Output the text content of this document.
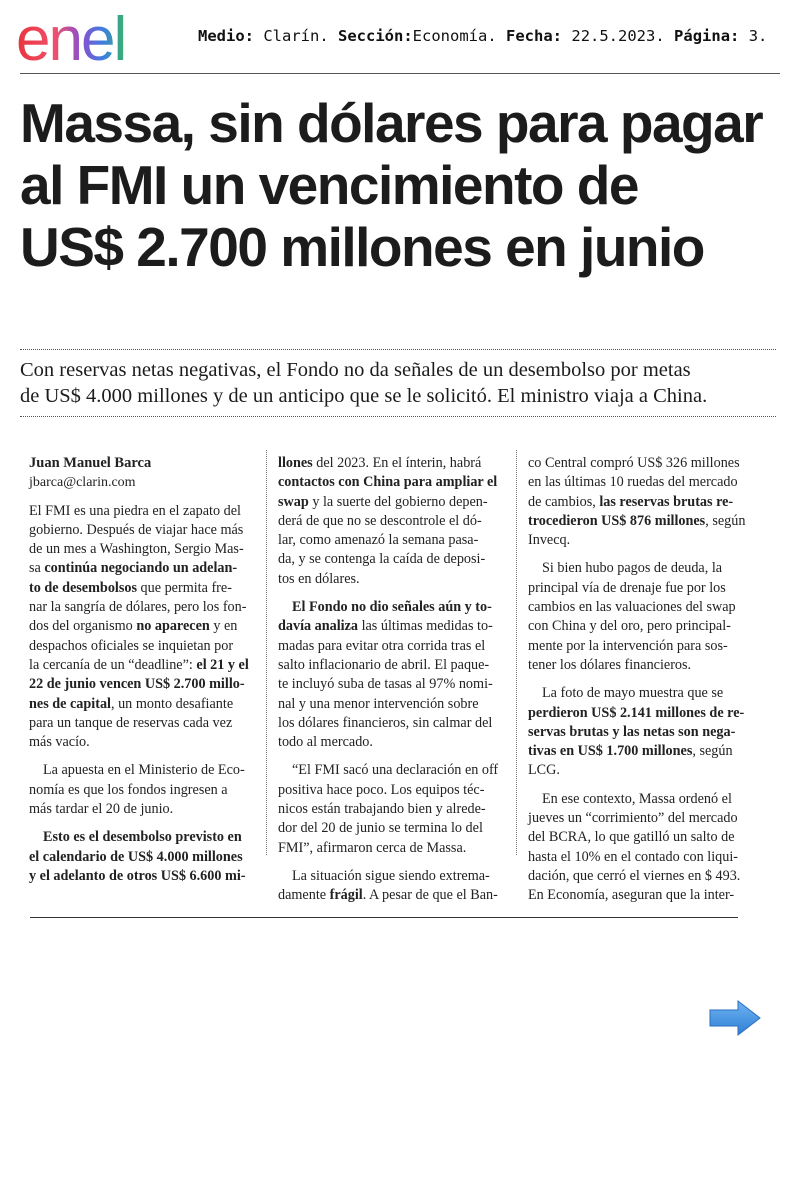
enel	Medio: Clarín. Sección:Economía. Fecha: 22.5.2023. Página: 3.
Massa, sin dólares para pagar
al FMI un vencimiento de
US$ 2.700 millones en junio

Con reservas netas negativas, el Fondo no da señales de un desembolso por metas
de US$ 4.000 millones y de un anticipo que se le solicitó. El ministro viaja a China.

Juan Manuel Barca
jbarca@clarin.com
El FMI es una piedra en el zapato del
gobierno. Después de viajar hace más
de un mes a Washington, Sergio Mas-
sa continúa negociando un adelan-
to de desembolsos que permita fre-
nar la sangría de dólares, pero los fon-
dos del organismo no aparecen y en
despachos oficiales se inquietan por
la cercanía de un “deadline”: el 21 y el
22 de junio vencen US$ 2.700 millo-
nes de capital, un monto desafiante
para un tanque de reservas cada vez
más vacío.
La apuesta en el Ministerio de Eco-
nomía es que los fondos ingresen a
más tardar el 20 de junio.
Esto es el desembolso previsto en
el calendario de US$ 4.000 millones
y el adelanto de otros US$ 6.600 mi-
llones del 2023. En el ínterin, habrá
contactos con China para ampliar el
swap y la suerte del gobierno depen-
derá de que no se descontrole el dó-
lar, como amenazó la semana pasa-
da, y se contenga la caída de deposi-
tos en dólares.
El Fondo no dio señales aún y to-
davía analiza las últimas medidas to-
madas para evitar otra corrida tras el
salto inflacionario de abril. El paque-
te incluyó suba de tasas al 97% nomi-
nal y una menor intervención sobre
los dólares financieros, sin calmar del
todo al mercado.
“El FMI sacó una declaración en off
positiva hace poco. Los equipos téc-
nicos están trabajando bien y alrede-
dor del 20 de junio se termina lo del
FMI”, afirmaron cerca de Massa.
La situación sigue siendo extrema-
damente frágil. A pesar de que el Ban-
co Central compró US$ 326 millones
en las últimas 10 ruedas del mercado
de cambios, las reservas brutas re-
trocedieron US$ 876 millones, según
Invecq.
Si bien hubo pagos de deuda, la
principal vía de drenaje fue por los
cambios en las valuaciones del swap
con China y del oro, pero principal-
mente por la intervención para sos-
tener los dólares financieros.
La foto de mayo muestra que se
perdieron US$ 2.141 millones de re-
servas brutas y las netas son nega-
tivas en US$ 1.700 millones, según
LCG.
En ese contexto, Massa ordenó el
jueves un “corrimiento” del mercado
del BCRA, lo que gatilló un salto de
hasta el 10% en el contado con liqui-
dación, que cerró el viernes en $ 493.
En Economía, aseguran que la inter-
